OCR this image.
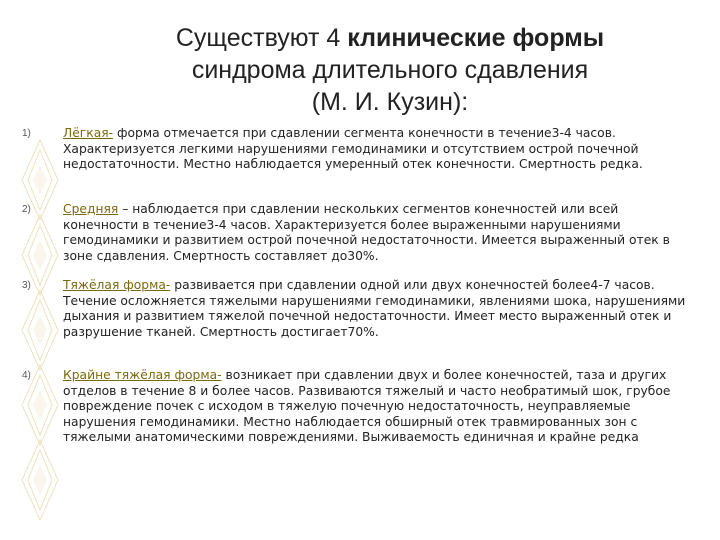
Существуют 4 клинические формы
синдрома длительного сдавления
(М. И. Кузин):
1)	Лёгкая- форма отмечается при сдавлении сегмента конечности в течение3-4 часов. Характеризуется легкими нарушениями гемодинамики и отсутствием острой почечной недостаточности. Местно наблюдается умеренный отек конечности. Смертность редка.
2)	Средняя – наблюдается при сдавлении нескольких сегментов конечностей или всей конечности в течение3-4 часов. Характеризуется более выраженными нарушениями гемодинамики и развитием острой почечной недостаточности. Имеется выраженный отек в зоне сдавления. Смертность составляет до30%.
3)	Тяжёлая форма- развивается при сдавлении одной или двух конечностей более4-7 часов. Течение осложняется тяжелыми нарушениями гемодинамики, явлениями шока, нарушениями дыхания и развитием тяжелой почечной недостаточности. Имеет место выраженный отек и разрушение тканей. Смертность достигает70%.
4)	Крайне тяжёлая форма- возникает при сдавлении двух и более конечностей, таза и других отделов в течение 8 и более часов. Развиваются тяжелый и часто необратимый шок, грубое повреждение почек с исходом в тяжелую почечную недостаточность, неуправляемые нарушения гемодинамики. Местно наблюдается обширный отек травмированных зон с тяжелыми анатомическими повреждениями. Выживаемость единичная и крайне редка
